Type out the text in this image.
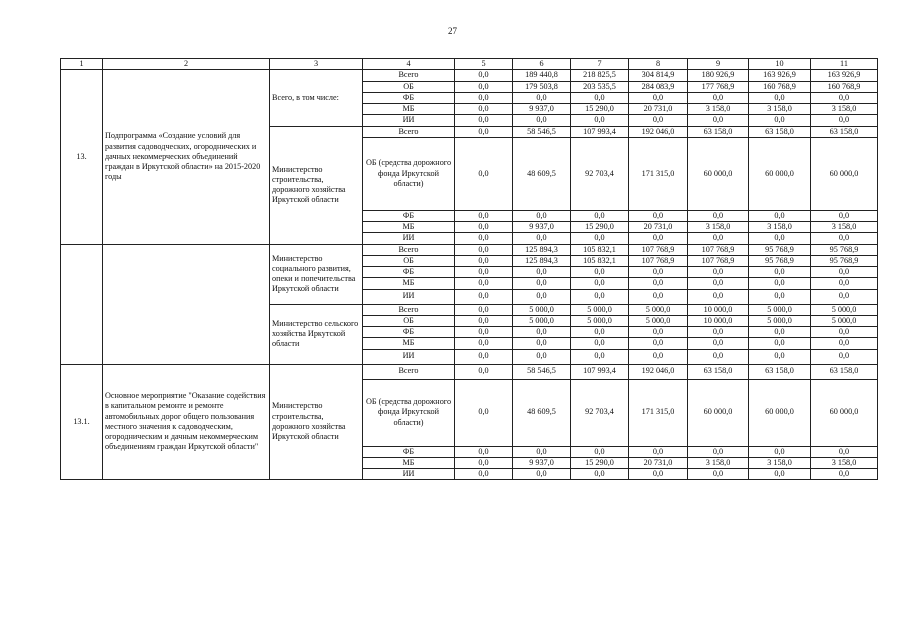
27
1	2	3	4	5	6	7	8	9	10	11
13.	Подпрограмма «Создание условий для развития садоводческих, огороднических и дачных некоммерческих объединений граждан в Иркутской области» на 2015-2020 годы	Всего, в том числе:	Всего	0,0	189 440,8	218 825,5	304 814,9	180 926,9	163 926,9	163 926,9
			ОБ	0,0	179 503,8	203 535,5	284 083,9	177 768,9	160 768,9	160 768,9
			ФБ	0,0	0,0	0,0	0,0	0,0	0,0	0,0
			МБ	0,0	9 937,0	15 290,0	20 731,0	3 158,0	3 158,0	3 158,0
			ИИ	0,0	0,0	0,0	0,0	0,0	0,0	0,0
		Министерство строительства, дорожного хозяйства Иркутской области	Всего	0,0	58 546,5	107 993,4	192 046,0	63 158,0	63 158,0	63 158,0
			ОБ (средства дорожного фонда Иркутской области)	0,0	48 609,5	92 703,4	171 315,0	60 000,0	60 000,0	60 000,0
			ФБ	0,0	0,0	0,0	0,0	0,0	0,0	0,0
			МБ	0,0	9 937,0	15 290,0	20 731,0	3 158,0	3 158,0	3 158,0
			ИИ	0,0	0,0	0,0	0,0	0,0	0,0	0,0
		Министерство социального развития, опеки и попечительства Иркутской области	Всего	0,0	125 894,3	105 832,1	107 768,9	107 768,9	95 768,9	95 768,9
			ОБ	0,0	125 894,3	105 832,1	107 768,9	107 768,9	95 768,9	95 768,9
			ФБ	0,0	0,0	0,0	0,0	0,0	0,0	0,0
			МБ	0,0	0,0	0,0	0,0	0,0	0,0	0,0
			ИИ	0,0	0,0	0,0	0,0	0,0	0,0	0,0
		Министерство сельского хозяйства Иркутской области	Всего	0,0	5 000,0	5 000,0	5 000,0	10 000,0	5 000,0	5 000,0
			ОБ	0,0	5 000,0	5 000,0	5 000,0	10 000,0	5 000,0	5 000,0
			ФБ	0,0	0,0	0,0	0,0	0,0	0,0	0,0
			МБ	0,0	0,0	0,0	0,0	0,0	0,0	0,0
			ИИ	0,0	0,0	0,0	0,0	0,0	0,0	0,0
13.1.	Основное мероприятие "Оказание содействия в капитальном ремонте и ремонте автомобильных дорог общего пользования местного значения к садоводческим, огородническим и дачным некоммерческим объединениям граждан Иркутской области"	Министерство строительства, дорожного хозяйства Иркутской области	Всего	0,0	58 546,5	107 993,4	192 046,0	63 158,0	63 158,0	63 158,0
			ОБ (средства дорожного фонда Иркутской области)	0,0	48 609,5	92 703,4	171 315,0	60 000,0	60 000,0	60 000,0
			ФБ	0,0	0,0	0,0	0,0	0,0	0,0	0,0
			МБ	0,0	9 937,0	15 290,0	20 731,0	3 158,0	3 158,0	3 158,0
			ИИ	0,0	0,0	0,0	0,0	0,0	0,0	0,0
